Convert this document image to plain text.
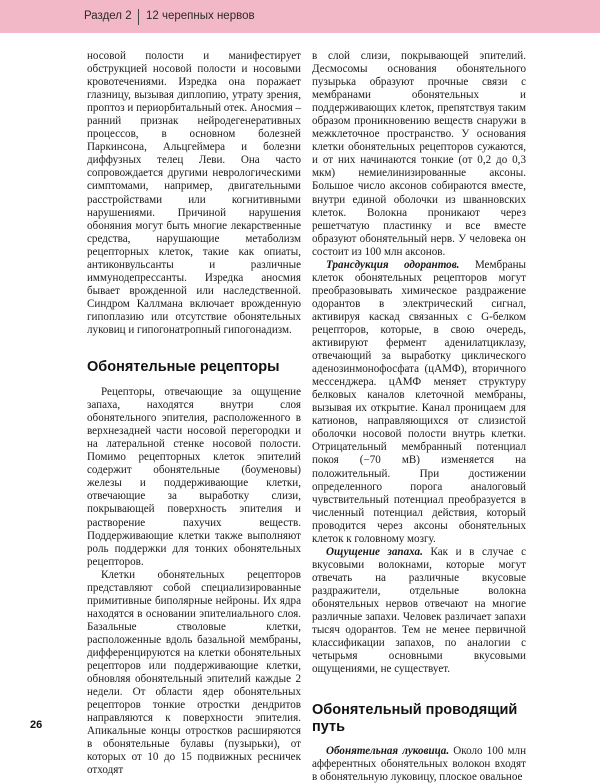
Раздел 2 12 черепных нервов

носовой полости и манифестирует обструкцией носовой полости и носовыми кровотечениями. Изредка она поражает глазницу, вызывая диплопию, утрату зрения, проптоз и периорбитальный отек. Аносмия – ранний признак нейродегенеративных процессов, в основном болезней Паркинсона, Альцгеймера и болезни диффузных телец Леви. Она часто сопровождается другими неврологическими симптомами, например, двигательными расстройствами или когнитивными нарушениями. Причиной нарушения обоняния могут быть многие лекарственные средства, нарушающие метаболизм рецепторных клеток, такие как опиаты, антиконвульсанты и различные иммунодепрессанты. Изредка аносмия бывает врожденной или наследственной. Синдром Каллмана включает врожденную гипоплазию или отсутствие обонятельных луковиц и гипогонатропный гипогонадизм.

Обонятельные рецепторы

Рецепторы, отвечающие за ощущение запаха, находятся внутри слоя обонятельного эпителия, расположенного в верхнезадней части носовой перегородки и на латеральной стенке носовой полости. Помимо рецепторных клеток эпителий содержит обонятельные (боуменовы) железы и поддерживающие клетки, отвечающие за выработку слизи, покрывающей поверхность эпителия и растворение пахучих веществ. Поддерживающие клетки также выполняют роль поддержки для тонких обонятельных рецепторов.

Клетки обонятельных рецепторов представляют собой специализированные примитивные биполярные нейроны. Их ядра находятся в основании эпителиального слоя. Базальные стволовые клетки, расположенные вдоль базальной мембраны, дифференцируются на клетки обонятельных рецепторов или поддерживающие клетки, обновляя обонятельный эпителий каждые 2 недели. От области ядер обонятельных рецепторов тонкие отростки дендритов направляются к поверхности эпителия. Апикальные концы отростков расширяются в обонятельные булавы (пузырьки), от которых от 10 до 15 подвижных ресничек отходят

в слой слизи, покрывающей эпителий. Десмосомы основания обонятельного пузырька образуют прочные связи с мембранами обонятельных и поддерживающих клеток, препятствуя таким образом проникновению веществ снаружи в межклеточное пространство. У основания клетки обонятельных рецепторов сужаются, и от них начинаются тонкие (от 0,2 до 0,3 мкм) немиелинизированные аксоны. Большое число аксонов собираются вместе, внутри единой оболочки из шванновских клеток. Волокна проникают через решетчатую пластинку и все вместе образуют обонятельный нерв. У человека он состоит из 100 млн аксонов.

Трансдукция одорантов. Мембраны клеток обонятельных рецепторов могут преобразовывать химическое раздражение одорантов в электрический сигнал, активируя каскад связанных с G-белком рецепторов, которые, в свою очередь, активируют фермент аденилатциклазу, отвечающий за выработку циклического аденозинмонофосфата (цАМФ), вторичного мессенджера. цАМФ меняет структуру белковых каналов клеточной мембраны, вызывая их открытие. Канал проницаем для катионов, направляющихся от слизистой оболочки носовой полости внутрь клетки. Отрицательный мембранный потенциал покоя (−70 мВ) изменяется на положительный. При достижении определенного порога аналоговый чувствительный потенциал преобразуется в численный потенциал действия, который проводится через аксоны обонятельных клеток к головному мозгу.

Ощущение запаха. Как и в случае с вкусовыми волокнами, которые могут отвечать на различные вкусовые раздражители, отдельные волокна обонятельных нервов отвечают на многие различные запахи. Человек различает запахи тысяч одорантов. Тем не менее первичной классификации запахов, по аналогии с четырьмя основными вкусовыми ощущениями, не существует.

Обонятельный проводящий путь

Обонятельная луковица. Около 100 млн афферентных обонятельных волокон входят в обонятельную луковицу, плоское овальное

26
